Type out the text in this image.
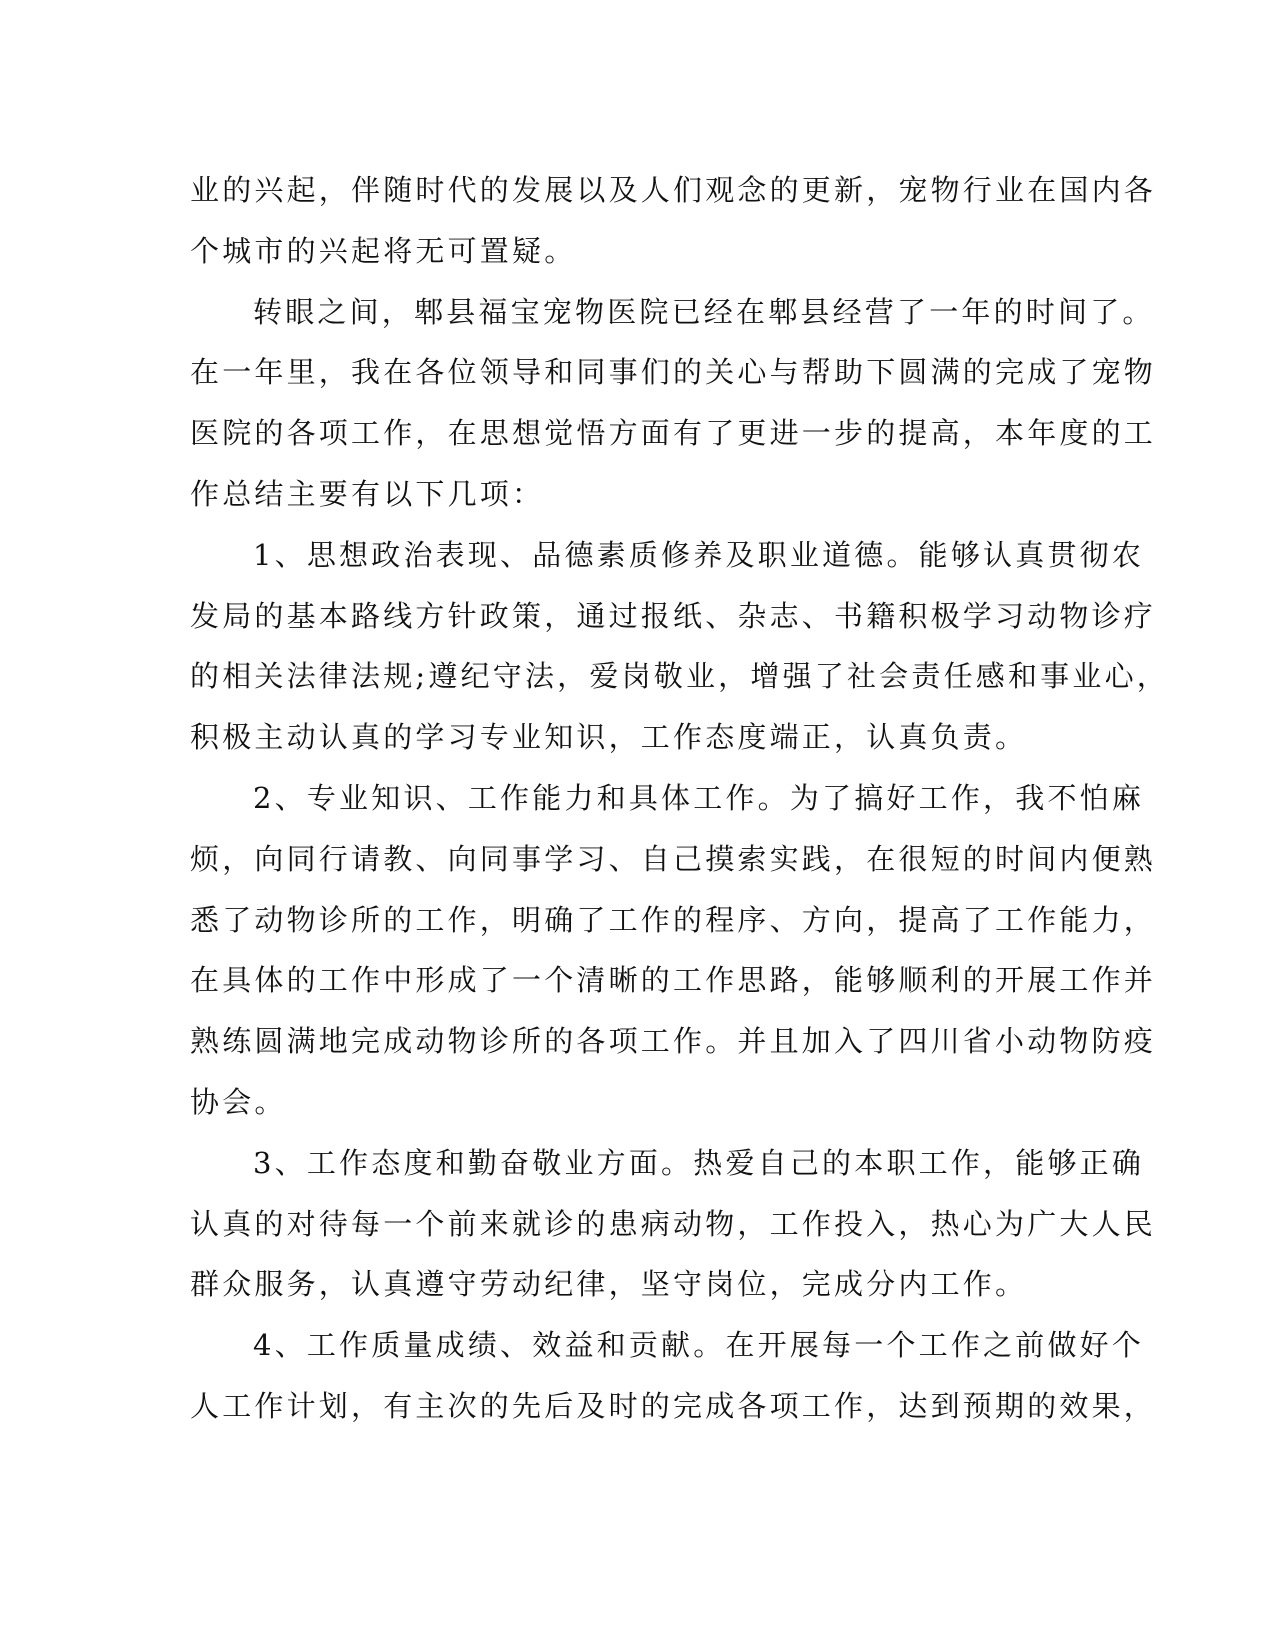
业的兴起，伴随时代的发展以及人们观念的更新，宠物行业在国内各
个城市的兴起将无可置疑。
转眼之间，郫县福宝宠物医院已经在郫县经营了一年的时间了。
在一年里，我在各位领导和同事们的关心与帮助下圆满的完成了宠物
医院的各项工作，在思想觉悟方面有了更进一步的提高，本年度的工
作总结主要有以下几项：
1、思想政治表现、品德素质修养及职业道德。能够认真贯彻农
发局的基本路线方针政策，通过报纸、杂志、书籍积极学习动物诊疗
的相关法律法规;遵纪守法，爱岗敬业，增强了社会责任感和事业心，
积极主动认真的学习专业知识，工作态度端正，认真负责。
2、专业知识、工作能力和具体工作。为了搞好工作，我不怕麻
烦，向同行请教、向同事学习、自己摸索实践，在很短的时间内便熟
悉了动物诊所的工作，明确了工作的程序、方向，提高了工作能力，
在具体的工作中形成了一个清晰的工作思路，能够顺利的开展工作并
熟练圆满地完成动物诊所的各项工作。并且加入了四川省小动物防疫
协会。
3、工作态度和勤奋敬业方面。热爱自己的本职工作，能够正确
认真的对待每一个前来就诊的患病动物，工作投入，热心为广大人民
群众服务，认真遵守劳动纪律，坚守岗位，完成分内工作。
4、工作质量成绩、效益和贡献。在开展每一个工作之前做好个
人工作计划，有主次的先后及时的完成各项工作，达到预期的效果，
